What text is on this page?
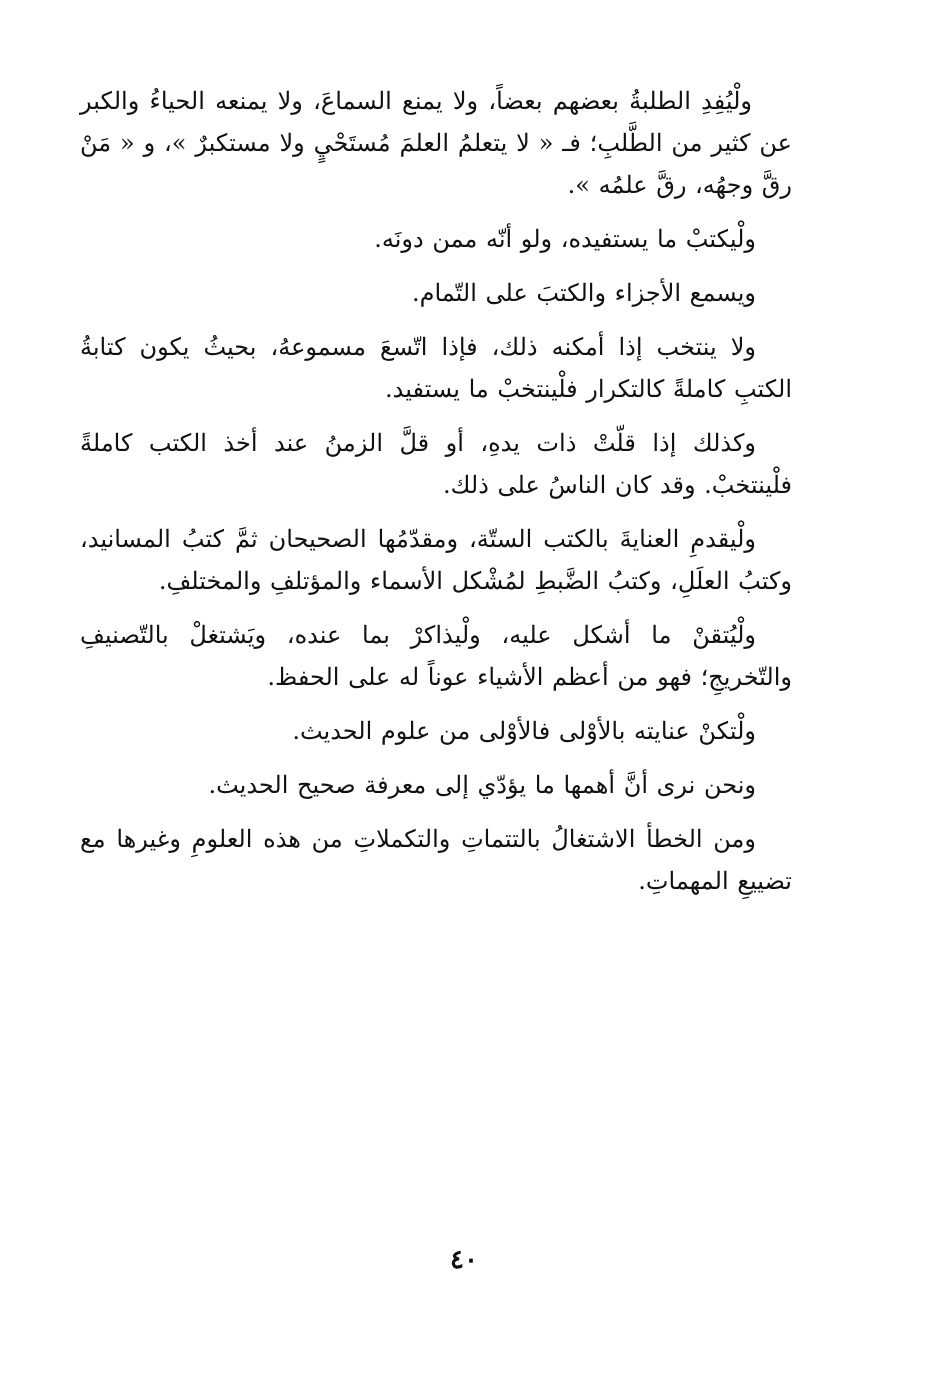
ولْيُفِدِ الطلبةُ بعضهم بعضاً، ولا يمنع السماعَ، ولا يمنعه الحياءُ والكبر عن كثير من الطَّلبِ؛ فـ « لا يتعلمُ العلمَ مُستَحْيٍ ولا مستكبرٌ »، و « مَنْ رقَّ وجهُه، رقَّ علمُه ».

ولْيكتبْ ما يستفيده، ولو أنّه ممن دونَه.

ويسمع الأجزاء والكتبَ على التّمام.

ولا ينتخب إذا أمكنه ذلك، فإذا اتّسعَ مسموعهُ، بحيثُ يكون كتابةُ الكتبِ كاملةً كالتكرار فلْينتخبْ ما يستفيد.

وكذلك إذا قلّتْ ذات يدهِ، أو قلَّ الزمنُ عند أخذ الكتب كاملةً فلْينتخبْ. وقد كان الناسُ على ذلك.

ولْيقدمِ العنايةَ بالكتب الستّة، ومقدّمُها الصحيحان ثمَّ كتبُ المسانيد، وكتبُ العلَلِ، وكتبُ الضَّبطِ لمُشْكل الأسماء والمؤتلفِ والمختلفِ.

ولْيُتقنْ ما أشكل عليه، ولْيذاكرْ بما عنده، ويَشتغلْ بالتّصنيفِ والتّخريجِ؛ فهو من أعظم الأشياء عوناً له على الحفظ.

ولْتكنْ عنايته بالأوْلى فالأوْلى من علوم الحديث.

ونحن نرى أنَّ أهمها ما يؤدّي إلى معرفة صحيح الحديث.

ومن الخطأ الاشتغالُ بالتتماتِ والتكملاتِ من هذه العلومِ وغيرها مع تضييعِ المهماتِ.

٤٠
